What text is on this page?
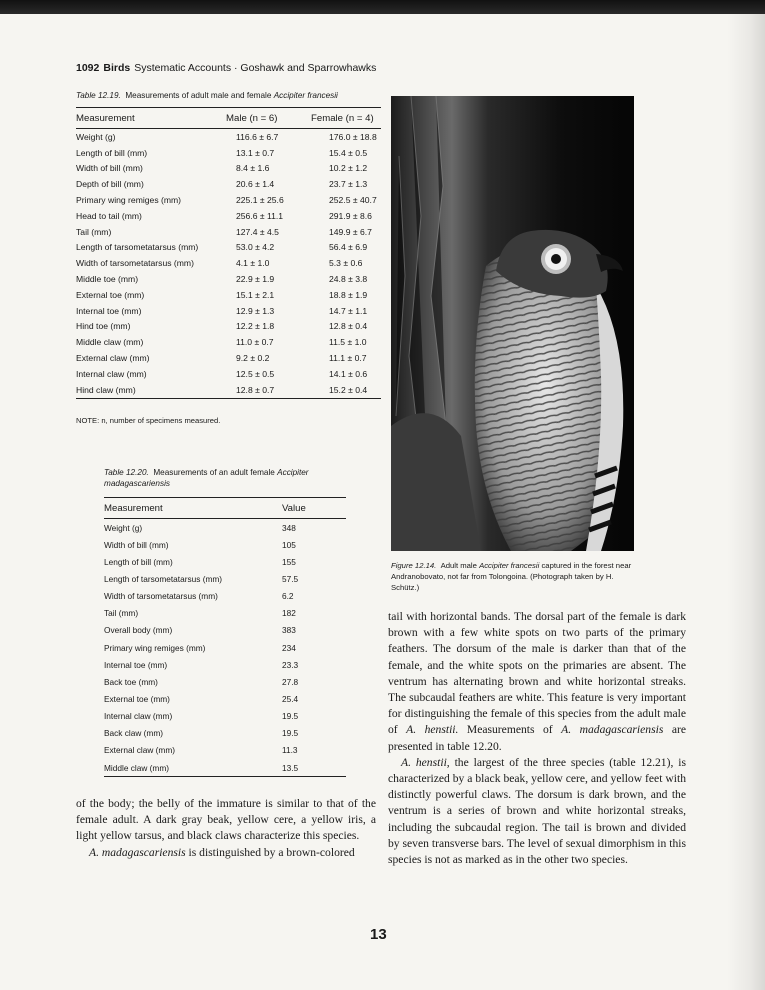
1092 Birds Systematic Accounts · Goshawk and Sparrowhawks
Table 12.19. Measurements of adult male and female Accipiter francesii
Measurement	Male (n = 6)	Female (n = 4)
Weight (g)	116.6 ± 6.7	176.0 ± 18.8
Length of bill (mm)	13.1 ± 0.7	15.4 ± 0.5
Width of bill (mm)	8.4 ± 1.6	10.2 ± 1.2
Depth of bill (mm)	20.6 ± 1.4	23.7 ± 1.3
Primary wing remiges (mm)	225.1 ± 25.6	252.5 ± 40.7
Head to tail (mm)	256.6 ± 11.1	291.9 ± 8.6
Tail (mm)	127.4 ± 4.5	149.9 ± 6.7
Length of tarsometatarsus (mm)	53.0 ± 4.2	56.4 ± 6.9
Width of tarsometatarsus (mm)	4.1 ± 1.0	5.3 ± 0.6
Middle toe (mm)	22.9 ± 1.9	24.8 ± 3.8
External toe (mm)	15.1 ± 2.1	18.8 ± 1.9
Internal toe (mm)	12.9 ± 1.3	14.7 ± 1.1
Hind toe (mm)	12.2 ± 1.8	12.8 ± 0.4
Middle claw (mm)	11.0 ± 0.7	11.5 ± 1.0
External claw (mm)	9.2 ± 0.2	11.1 ± 0.7
Internal claw (mm)	12.5 ± 0.5	14.1 ± 0.6
Hind claw (mm)	12.8 ± 0.7	15.2 ± 0.4
NOTE: n, number of specimens measured.
Table 12.20. Measurements of an adult female Accipiter madagascariensis
Measurement	Value
Weight (g)	348
Width of bill (mm)	105
Length of bill (mm)	155
Length of tarsometatarsus (mm)	57.5
Width of tarsometatarsus (mm)	6.2
Tail (mm)	182
Overall body (mm)	383
Primary wing remiges (mm)	234
Internal toe (mm)	23.3
Back toe (mm)	27.8
External toe (mm)	25.4
Internal claw (mm)	19.5
Back claw (mm)	19.5
External claw (mm)	11.3
Middle claw (mm)	13.5
Figure 12.14. Adult male Accipiter francesii captured in the forest near Andranobovato, not far from Tolongoina. (Photograph taken by H. Schütz.)

of the body; the belly of the immature is similar to that of the female adult. A dark gray beak, yellow cere, a yellow iris, a light yellow tarsus, and black claws characterize this species.

A. madagascariensis is distinguished by a brown-colored

tail with horizontal bands. The dorsal part of the female is dark brown with a few white spots on two parts of the primary feathers. The dorsum of the male is darker than that of the female, and the white spots on the primaries are absent. The ventrum has alternating brown and white horizontal streaks. The subcaudal feathers are white. This feature is very important for distinguishing the female of this species from the adult male of A. henstii. Measurements of A. madagascariensis are presented in table 12.20.

A. henstii, the largest of the three species (table 12.21), is characterized by a black beak, yellow cere, and yellow feet with distinctly powerful claws. The dorsum is dark brown, and the ventrum is a series of brown and white horizontal streaks, including the subcaudal region. The tail is brown and divided by seven transverse bars. The level of sexual dimorphism in this species is not as marked as in the other two species.

13
